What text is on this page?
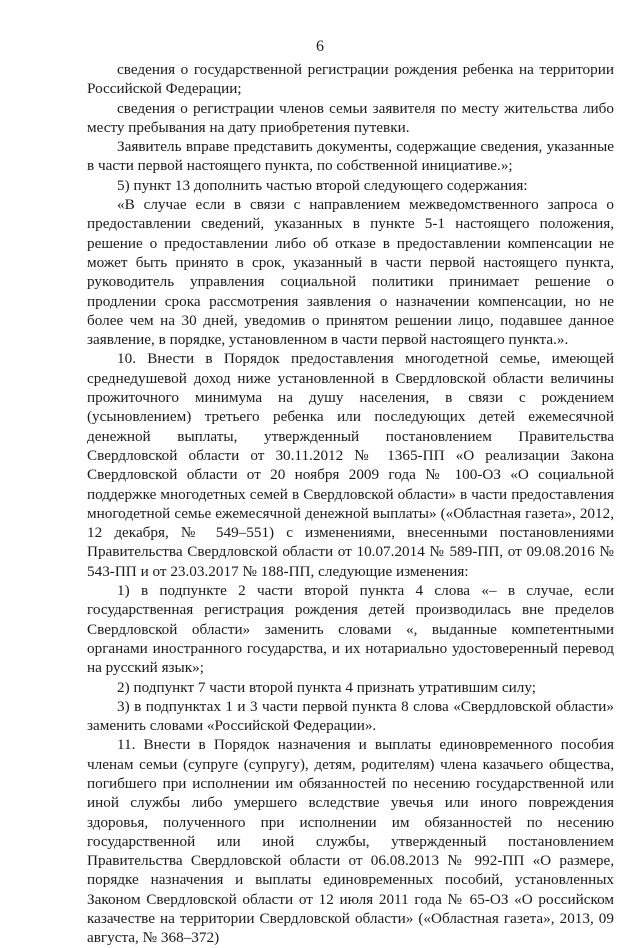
6

сведения о государственной регистрации рождения ребенка на территории Российской Федерации;

сведения о регистрации членов семьи заявителя по месту жительства либо месту пребывания на дату приобретения путевки.

Заявитель вправе представить документы, содержащие сведения, указанные в части первой настоящего пункта, по собственной инициативе.»;

5) пункт 13 дополнить частью второй следующего содержания:

«В случае если в связи с направлением межведомственного запроса о предоставлении сведений, указанных в пункте 5-1 настоящего положения, решение о предоставлении либо об отказе в предоставлении компенсации не может быть принято в срок, указанный в части первой настоящего пункта, руководитель управления социальной политики принимает решение о продлении срока рассмотрения заявления о назначении компенсации, но не более чем на 30 дней, уведомив о принятом решении лицо, подавшее данное заявление, в порядке, установленном в части первой настоящего пункта.».

10. Внести в Порядок предоставления многодетной семье, имеющей среднедушевой доход ниже установленной в Свердловской области величины прожиточного минимума на душу населения, в связи с рождением (усыновлением) третьего ребенка или последующих детей ежемесячной денежной выплаты, утвержденный постановлением Правительства Свердловской области от 30.11.2012 № 1365-ПП «О реализации Закона Свердловской области от 20 ноября 2009 года № 100-ОЗ «О социальной поддержке многодетных семей в Свердловской области» в части предоставления многодетной семье ежемесячной денежной выплаты» («Областная газета», 2012, 12 декабря, № 549–551) с изменениями, внесенными постановлениями Правительства Свердловской области от 10.07.2014 № 589-ПП, от 09.08.2016 № 543-ПП и от 23.03.2017 № 188-ПП, следующие изменения:

1) в подпункте 2 части второй пункта 4 слова «– в случае, если государственная регистрация рождения детей производилась вне пределов Свердловской области» заменить словами «, выданные компетентными органами иностранного государства, и их нотариально удостоверенный перевод на русский язык»;

2) подпункт 7 части второй пункта 4 признать утратившим силу;

3) в подпунктах 1 и 3 части первой пункта 8 слова «Свердловской области» заменить словами «Российской Федерации».

11. Внести в Порядок назначения и выплаты единовременного пособия членам семьи (супруге (супругу), детям, родителям) члена казачьего общества, погибшего при исполнении им обязанностей по несению государственной или иной службы либо умершего вследствие увечья или иного повреждения здоровья, полученного при исполнении им обязанностей по несению государственной или иной службы, утвержденный постановлением Правительства Свердловской области от 06.08.2013 № 992-ПП «О размере, порядке назначения и выплаты единовременных пособий, установленных Законом Свердловской области от 12 июля 2011 года № 65-ОЗ «О российском казачестве на территории Свердловской области» («Областная газета», 2013, 09 августа, № 368–372)
